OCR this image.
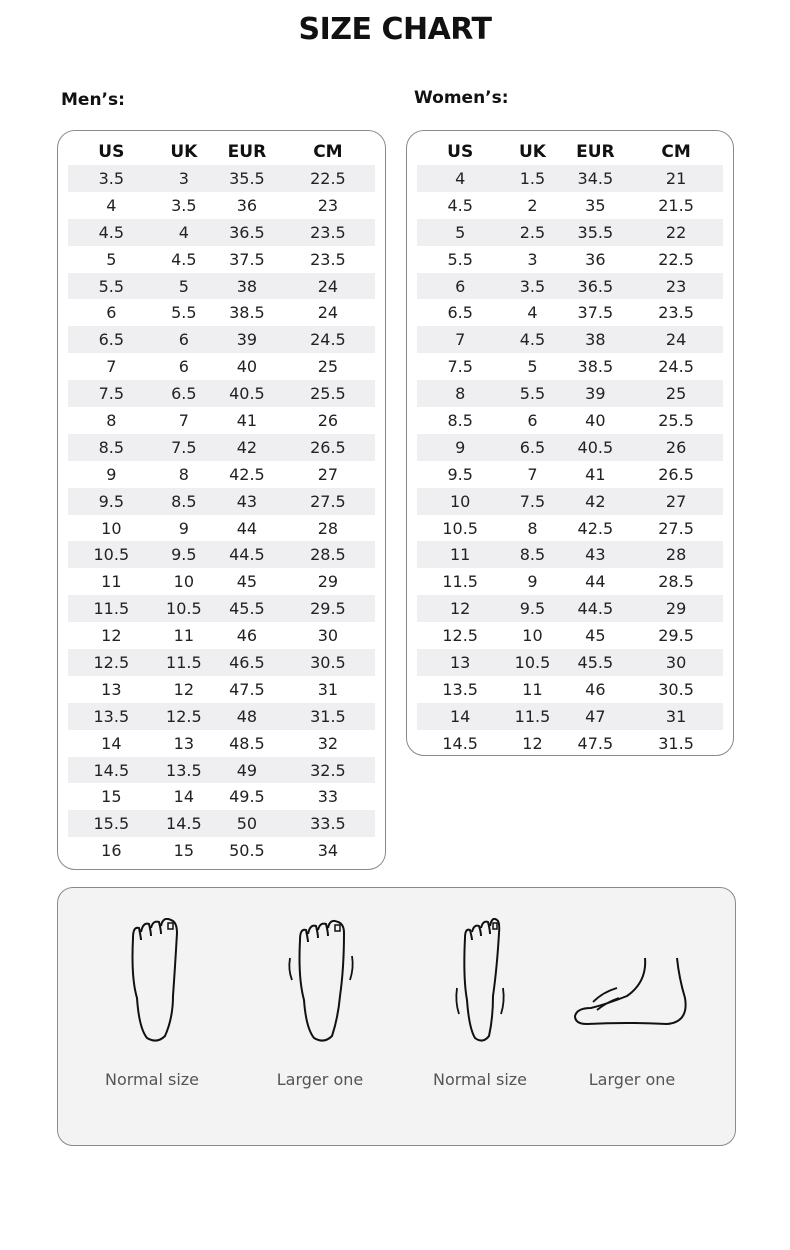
SIZE CHART
Men’s:	Women’s:
US	UK	EUR	CM
3.5	3	35.5	22.5
4	3.5	36	23
4.5	4	36.5	23.5
5	4.5	37.5	23.5
5.5	5	38	24
6	5.5	38.5	24
6.5	6	39	24.5
7	6	40	25
7.5	6.5	40.5	25.5
8	7	41	26
8.5	7.5	42	26.5
9	8	42.5	27
9.5	8.5	43	27.5
10	9	44	28
10.5	9.5	44.5	28.5
11	10	45	29
11.5	10.5	45.5	29.5
12	11	46	30
12.5	11.5	46.5	30.5
13	12	47.5	31
13.5	12.5	48	31.5
14	13	48.5	32
14.5	13.5	49	32.5
15	14	49.5	33
15.5	14.5	50	33.5
16	15	50.5	34
US	UK	EUR	CM
4	1.5	34.5	21
4.5	2	35	21.5
5	2.5	35.5	22
5.5	3	36	22.5
6	3.5	36.5	23
6.5	4	37.5	23.5
7	4.5	38	24
7.5	5	38.5	24.5
8	5.5	39	25
8.5	6	40	25.5
9	6.5	40.5	26
9.5	7	41	26.5
10	7.5	42	27
10.5	8	42.5	27.5
11	8.5	43	28
11.5	9	44	28.5
12	9.5	44.5	29
12.5	10	45	29.5
13	10.5	45.5	30
13.5	11	46	30.5
14	11.5	47	31
14.5	12	47.5	31.5
Normal size	Larger one	Normal size	Larger one
